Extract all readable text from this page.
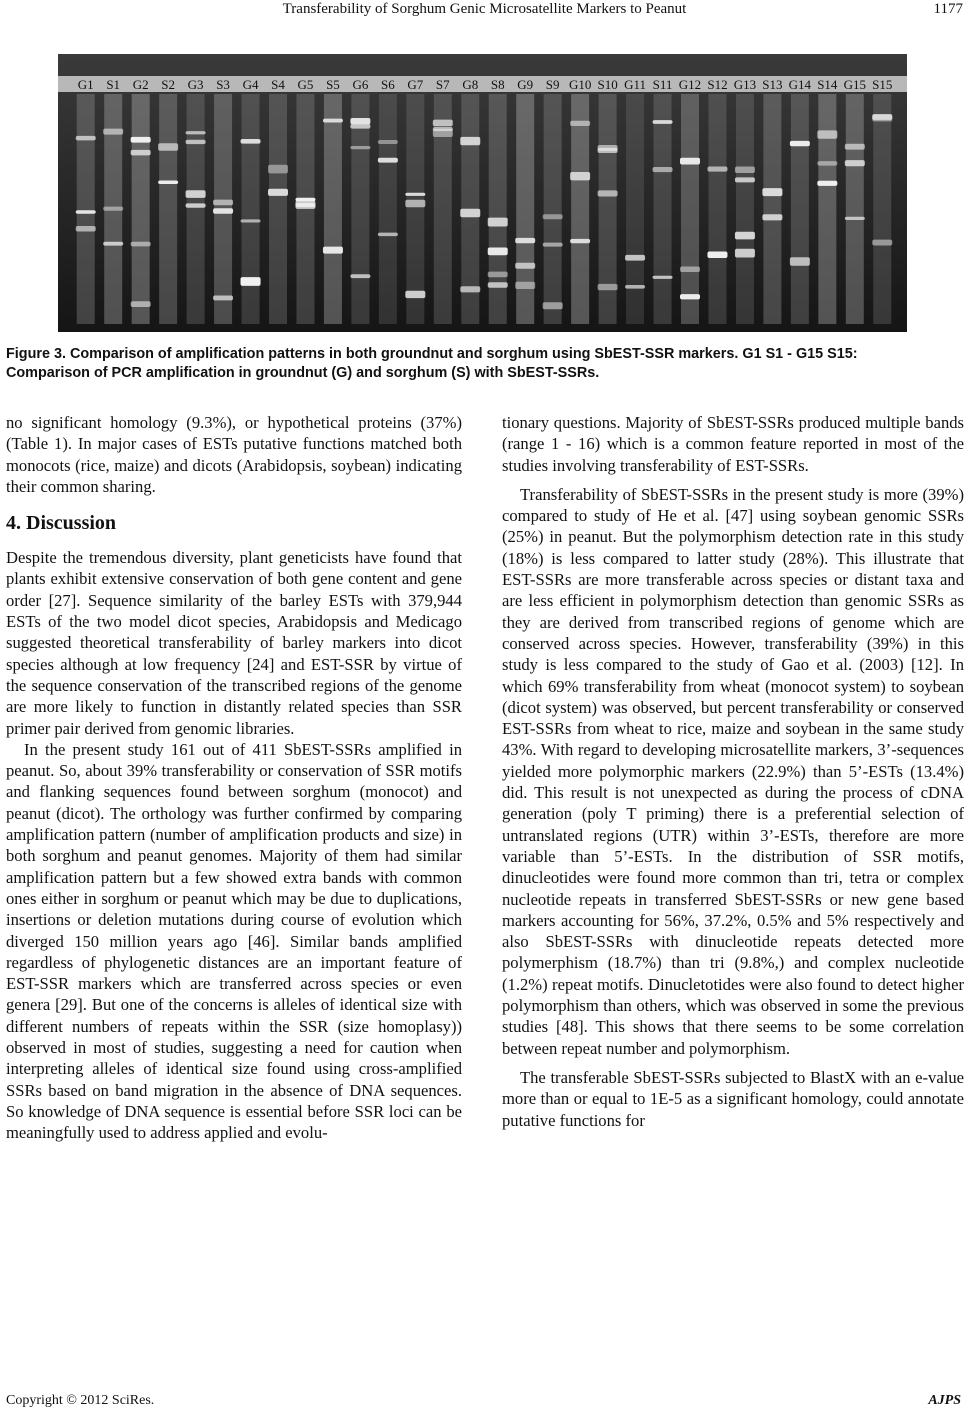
Transferability of Sorghum Genic Microsatellite Markers to Peanut	1177
G1 S1 G2 S2 G3 S3 G4 S4 G5 S5 G6 S6 G7 S7 G8 S8 G9 S9 G10 S10 G11 S11 G12 S12 G13 S13 G14 S14 G15 S15
Figure 3. Comparison of amplification patterns in both groundnut and sorghum using SbEST-SSR markers. G1 S1 - G15 S15:
Comparison of PCR amplification in groundnut (G) and sorghum (S) with SbEST-SSRs.

no significant homology (9.3%), or hypothetical proteins (37%) (Table 1). In major cases of ESTs putative functions matched both monocots (rice, maize) and dicots (Arabidopsis, soybean) indicating their common sharing.

4. Discussion

Despite the tremendous diversity, plant geneticists have found that plants exhibit extensive conservation of both gene content and gene order [27]. Sequence similarity of the barley ESTs with 379,944 ESTs of the two model dicot species, Arabidopsis and Medicago suggested theoretical transferability of barley markers into dicot species although at low frequency [24] and EST-SSR by virtue of the sequence conservation of the transcribed regions of the genome are more likely to function in distantly related species than SSR primer pair derived from genomic libraries.

In the present study 161 out of 411 SbEST-SSRs amplified in peanut. So, about 39% transferability or conservation of SSR motifs and flanking sequences found between sorghum (monocot) and peanut (dicot). The orthology was further confirmed by comparing amplification pattern (number of amplification products and size) in both sorghum and peanut genomes. Majority of them had similar amplification pattern but a few showed extra bands with common ones either in sorghum or peanut which may be due to duplications, insertions or deletion mutations during course of evolution which diverged 150 million years ago [46]. Similar bands amplified regardless of phylogenetic distances are an important feature of EST-SSR markers which are transferred across species or even genera [29]. But one of the concerns is alleles of identical size with different numbers of repeats within the SSR (size homoplasy)) observed in most of studies, suggesting a need for caution when interpreting alleles of identical size found using cross-amplified SSRs based on band migration in the absence of DNA sequences. So knowledge of DNA sequence is essential before SSR loci can be meaningfully used to address applied and evolu-

tionary questions. Majority of SbEST-SSRs produced multiple bands (range 1 - 16) which is a common feature reported in most of the studies involving transferability of EST-SSRs.

Transferability of SbEST-SSRs in the present study is more (39%) compared to study of He et al. [47] using soybean genomic SSRs (25%) in peanut. But the polymorphism detection rate in this study (18%) is less compared to latter study (28%). This illustrate that EST-SSRs are more transferable across species or distant taxa and are less efficient in polymorphism detection than genomic SSRs as they are derived from transcribed regions of genome which are conserved across species. However, transferability (39%) in this study is less compared to the study of Gao et al. (2003) [12]. In which 69% transferability from wheat (monocot system) to soybean (dicot system) was observed, but percent transferability or conserved EST-SSRs from wheat to rice, maize and soybean in the same study 43%. With regard to developing microsatellite markers, 3’-sequences yielded more polymorphic markers (22.9%) than 5’-ESTs (13.4%) did. This result is not unexpected as during the process of cDNA generation (poly T priming) there is a preferential selection of untranslated regions (UTR) within 3’-ESTs, therefore are more variable than 5’-ESTs. In the distribution of SSR motifs, dinucleotides were found more common than tri, tetra or complex nucleotide repeats in transferred SbEST-SSRs or new gene based markers accounting for 56%, 37.2%, 0.5% and 5% respectively and also SbEST-SSRs with dinucleotide repeats detected more polymerphism (18.7%) than tri (9.8%,) and complex nucleotide (1.2%) repeat motifs. Dinucletotides were also found to detect higher polymorphism than others, which was observed in some the previous studies [48]. This shows that there seems to be some correlation between repeat number and polymorphism.

The transferable SbEST-SSRs subjected to BlastX with an e-value more than or equal to 1E-5 as a significant homology, could annotate putative functions for

Copyright © 2012 SciRes.	AJPS
